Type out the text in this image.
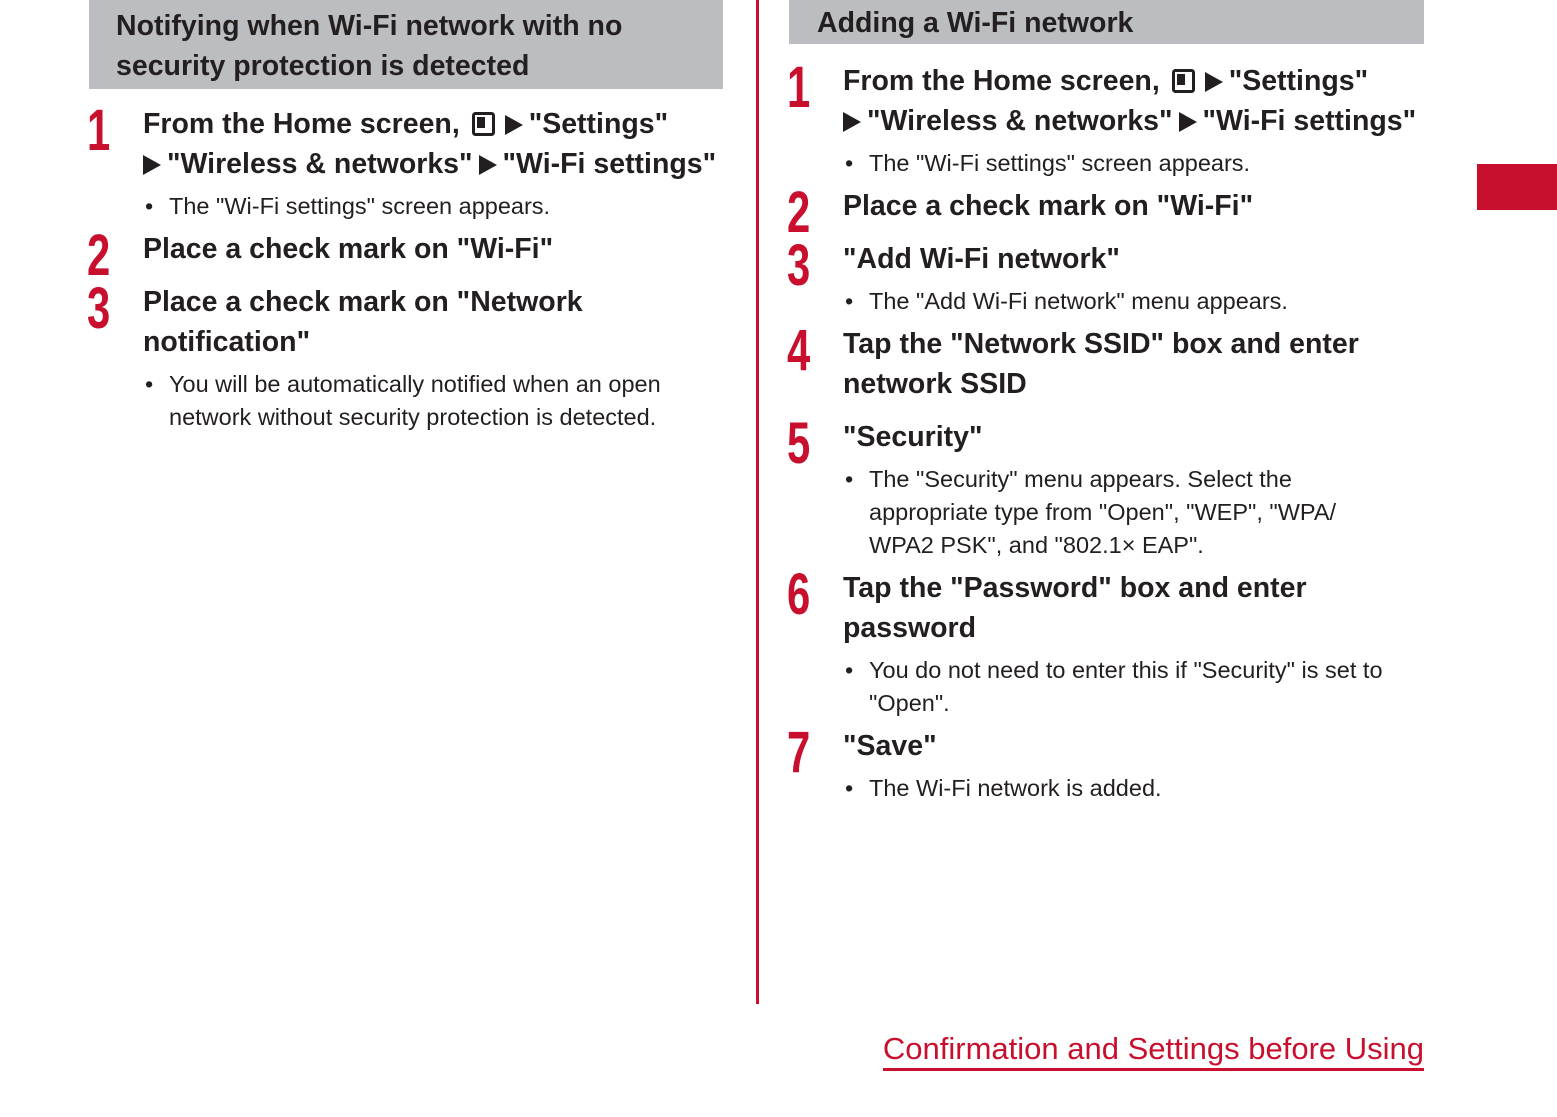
Notifying when Wi-Fi network with no security protection is detected
1 From the Home screen, "Settings"
"Wireless & networks" "Wi-Fi settings"
• The "Wi-Fi settings" screen appears.
2 Place a check mark on "Wi-Fi"
3 Place a check mark on "Network notification"
• You will be automatically notified when an open network without security protection is detected.
Adding a Wi-Fi network
1 From the Home screen, "Settings"
"Wireless & networks" "Wi-Fi settings"
• The "Wi-Fi settings" screen appears.
2 Place a check mark on "Wi-Fi"
3 "Add Wi-Fi network"
• The "Add Wi-Fi network" menu appears.
4 Tap the "Network SSID" box and enter network SSID
5 "Security"
• The "Security" menu appears. Select the appropriate type from "Open", "WEP", "WPA/ WPA2 PSK", and "802.1× EAP".
6 Tap the "Password" box and enter password
• You do not need to enter this if "Security" is set to "Open".
7 "Save"
• The Wi-Fi network is added.
Confirmation and Settings before Using
